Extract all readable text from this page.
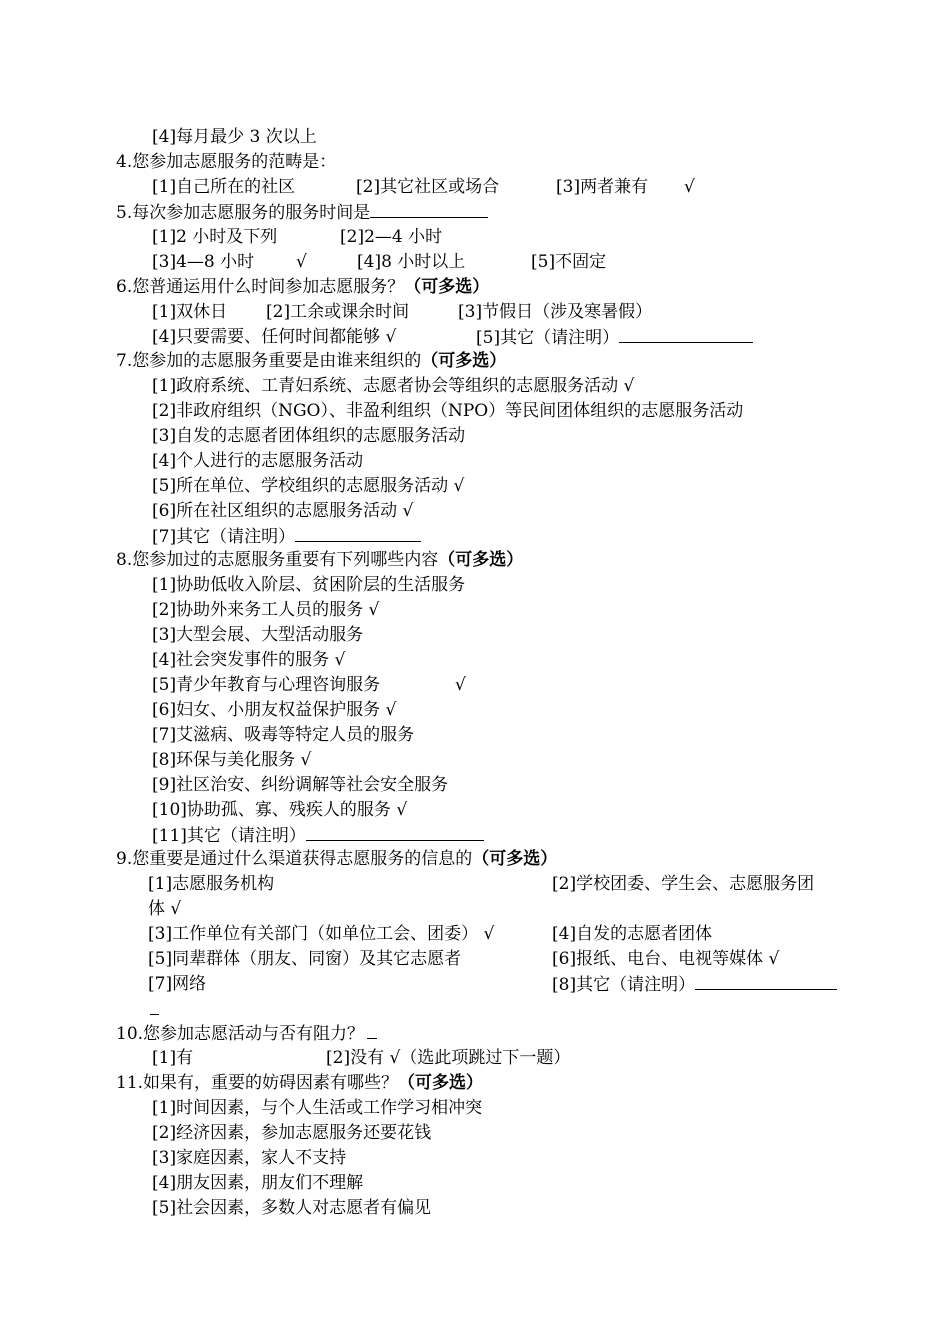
[4]每月最少 3 次以上
4.您参加志愿服务的范畴是：
[1]自己所在的社区	[2]其它社区或场合	[3]两者兼有 √
5.每次参加志愿服务的服务时间是
[1]2 小时及下列	[2]2—4 小时
[3]4—8 小时 √	[4]8 小时以上	[5]不固定
6.您普通运用什么时间参加志愿服务？（可多选）
[1]双休日 [2]工余或课余时间	[3]节假日（涉及寒暑假）
[4]只要需要、任何时间都能够 √	[5]其它（请注明）
7.您参加的志愿服务重要是由谁来组织的（可多选）
[1]政府系统、工青妇系统、志愿者协会等组织的志愿服务活动 √
[2]非政府组织（NGO）、非盈利组织（NPO）等民间团体组织的志愿服务活动
[3]自发的志愿者团体组织的志愿服务活动
[4]个人进行的志愿服务活动
[5]所在单位、学校组织的志愿服务活动 √
[6]所在社区组织的志愿服务活动 √
[7]其它（请注明）
8.您参加过的志愿服务重要有下列哪些内容（可多选）
[1]协助低收入阶层、贫困阶层的生活服务
[2]协助外来务工人员的服务 √
[3]大型会展、大型活动服务
[4]社会突发事件的服务 √
[5]青少年教育与心理咨询服务	√
[6]妇女、小朋友权益保护服务 √
[7]艾滋病、吸毒等特定人员的服务
[8]环保与美化服务 √
[9]社区治安、纠纷调解等社会安全服务
[10]协助孤、寡、残疾人的服务 √
[11]其它（请注明）
9.您重要是通过什么渠道获得志愿服务的信息的（可多选）
[1]志愿服务机构	[2]学校团委、学生会、志愿服务团
体 √
[3]工作单位有关部门（如单位工会、团委） √	[4]自发的志愿者团体
[5]同辈群体（朋友、同窗）及其它志愿者	[6]报纸、电台、电视等媒体 √
[7]网络	[8]其它（请注明）
10.您参加志愿活动与否有阻力？
[1]有	[2]没有 √（选此项跳过下一题）
11.如果有，重要的妨碍因素有哪些？（可多选）
[1]时间因素，与个人生活或工作学习相冲突
[2]经济因素，参加志愿服务还要花钱
[3]家庭因素，家人不支持
[4]朋友因素，朋友们不理解
[5]社会因素，多数人对志愿者有偏见
